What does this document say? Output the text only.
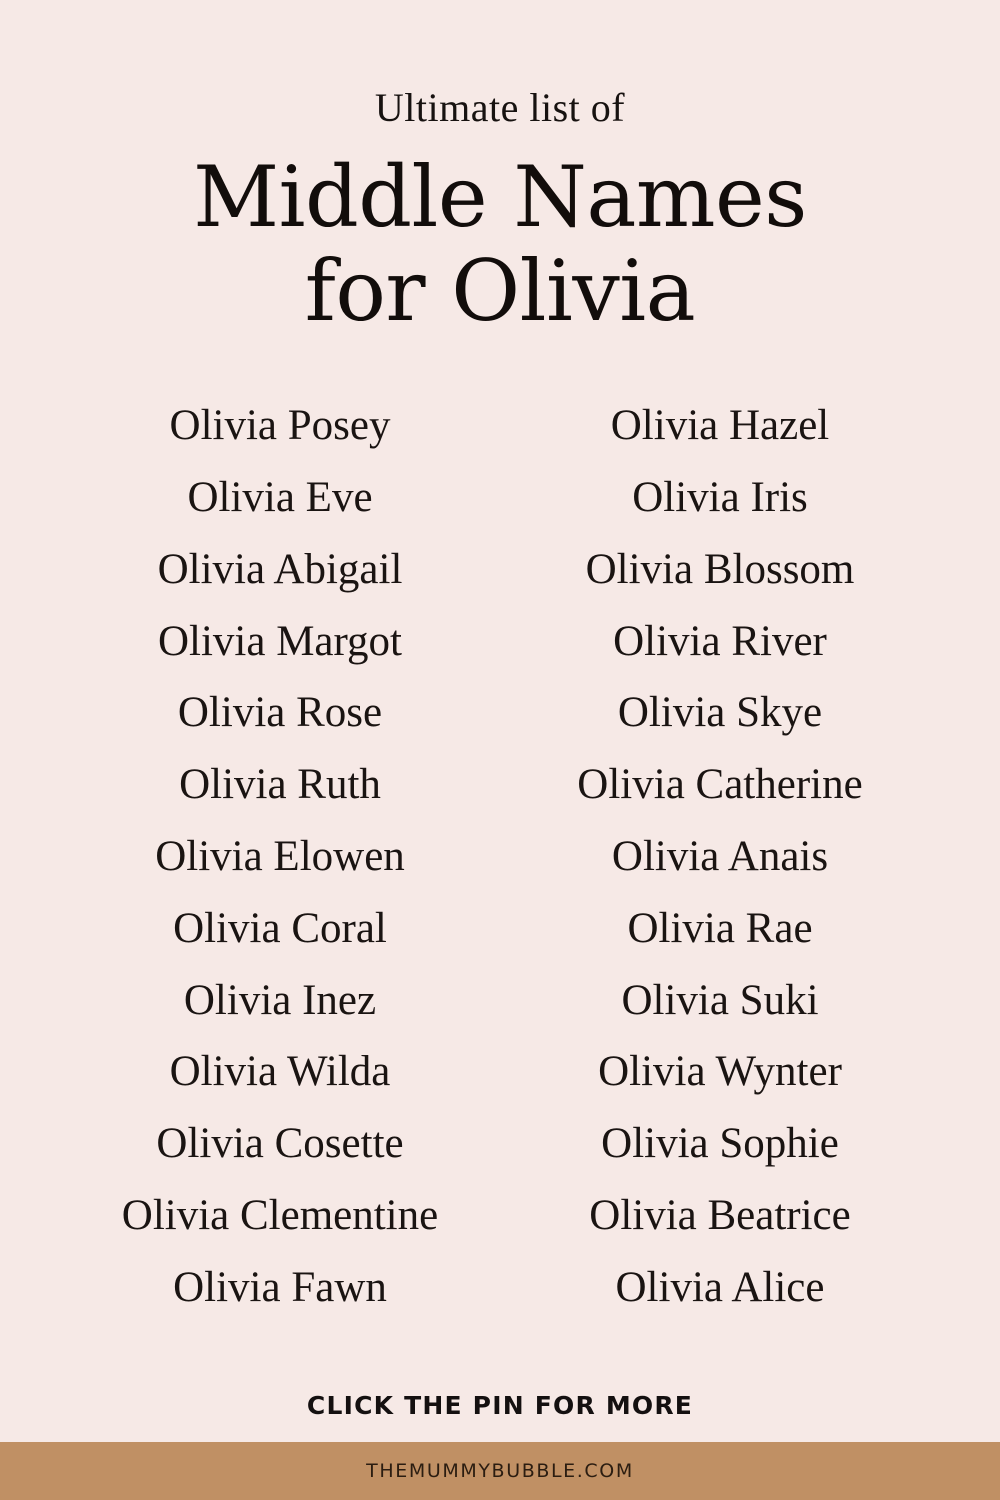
Ultimate list of
Middle Names
for Olivia
Olivia Posey
Olivia Eve
Olivia Abigail
Olivia Margot
Olivia Rose
Olivia Ruth
Olivia Elowen
Olivia Coral
Olivia Inez
Olivia Wilda
Olivia Cosette
Olivia Clementine
Olivia Fawn
Olivia Hazel
Olivia Iris
Olivia Blossom
Olivia River
Olivia Skye
Olivia Catherine
Olivia Anais
Olivia Rae
Olivia Suki
Olivia Wynter
Olivia Sophie
Olivia Beatrice
Olivia Alice
CLICK THE PIN FOR MORE
THEMUMMYBUBBLE.COM
